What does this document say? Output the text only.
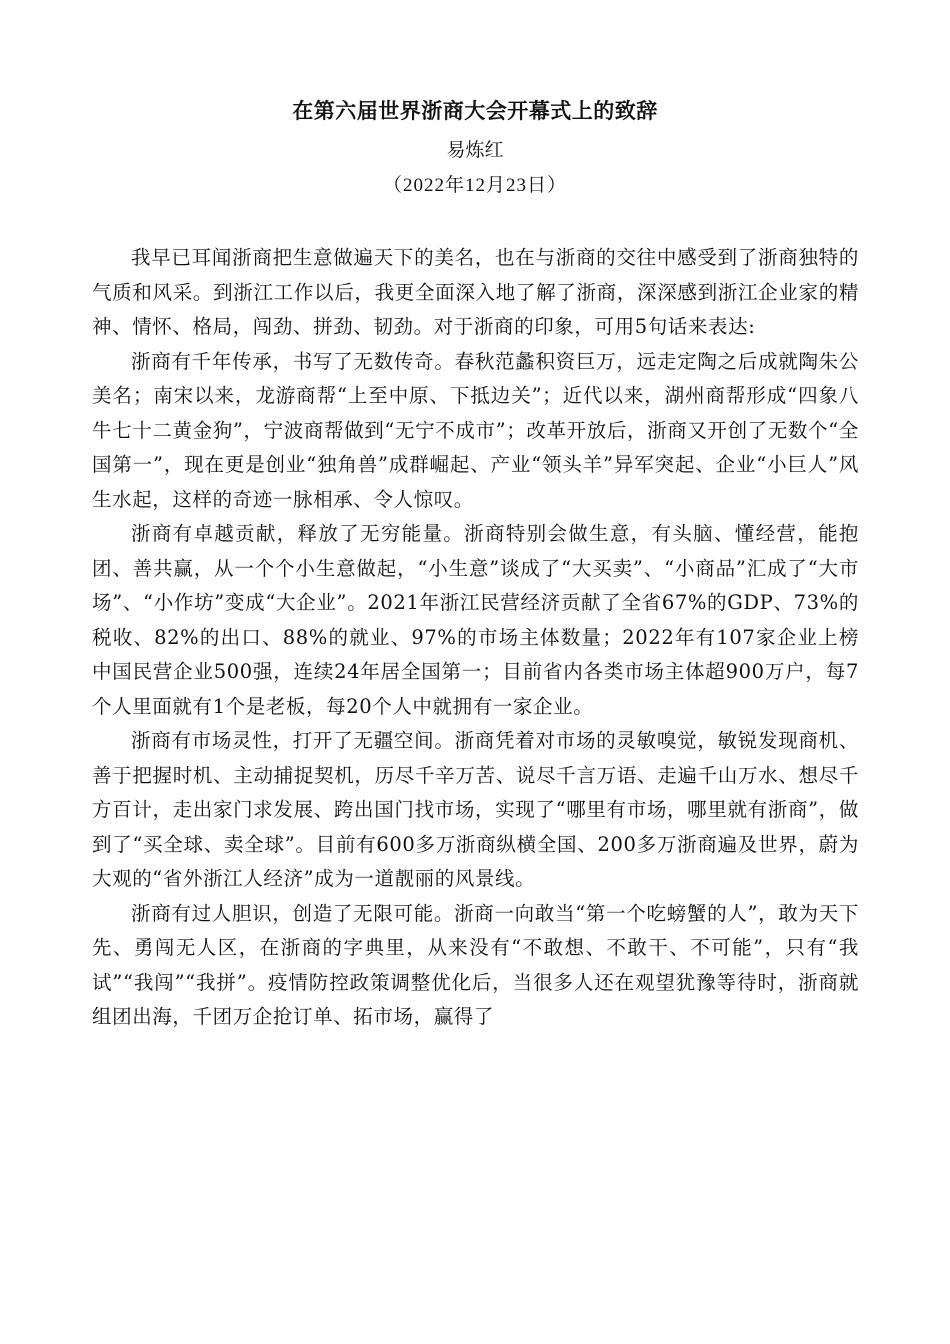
在第六届世界浙商大会开幕式上的致辞
易炼红
（2022年12月23日）

我早已耳闻浙商把生意做遍天下的美名，也在与浙商的交往中感受到了浙商独特的气质和风采。到浙江工作以后，我更全面深入地了解了浙商，深深感到浙江企业家的精神、情怀、格局，闯劲、拼劲、韧劲。对于浙商的印象，可用5句话来表达:

浙商有千年传承，书写了无数传奇。春秋范蠡积资巨万，远走定陶之后成就陶朱公美名；南宋以来，龙游商帮“上至中原、下抵边关”；近代以来，湖州商帮形成“四象八牛七十二黄金狗”，宁波商帮做到“无宁不成市”；改革开放后，浙商又开创了无数个“全国第一”，现在更是创业“独角兽”成群崛起、产业“领头羊”异军突起、企业“小巨人”风生水起，这样的奇迹一脉相承、令人惊叹。

浙商有卓越贡献，释放了无穷能量。浙商特别会做生意，有头脑、懂经营，能抱团、善共赢，从一个个小生意做起，“小生意”谈成了“大买卖”、“小商品”汇成了“大市场”、“小作坊”变成“大企业”。2021年浙江民营经济贡献了全省67%的GDP、73%的税收、82%的出口、88%的就业、97%的市场主体数量；2022年有107家企业上榜中国民营企业500强，连续24年居全国第一；目前省内各类市场主体超900万户，每7个人里面就有1个是老板，每20个人中就拥有一家企业。

浙商有市场灵性，打开了无疆空间。浙商凭着对市场的灵敏嗅觉，敏锐发现商机、善于把握时机、主动捕捉契机，历尽千辛万苦、说尽千言万语、走遍千山万水、想尽千方百计，走出家门求发展、跨出国门找市场，实现了“哪里有市场，哪里就有浙商”，做到了“买全球、卖全球”。目前有600多万浙商纵横全国、200多万浙商遍及世界，蔚为大观的“省外浙江人经济”成为一道靓丽的风景线。

浙商有过人胆识，创造了无限可能。浙商一向敢当“第一个吃螃蟹的人”，敢为天下先、勇闯无人区，在浙商的字典里，从来没有“不敢想、不敢干、不可能”，只有“我试”“我闯”“我拼”。疫情防控政策调整优化后，当很多人还在观望犹豫等待时，浙商就组团出海，千团万企抢订单、拓市场，赢得了
